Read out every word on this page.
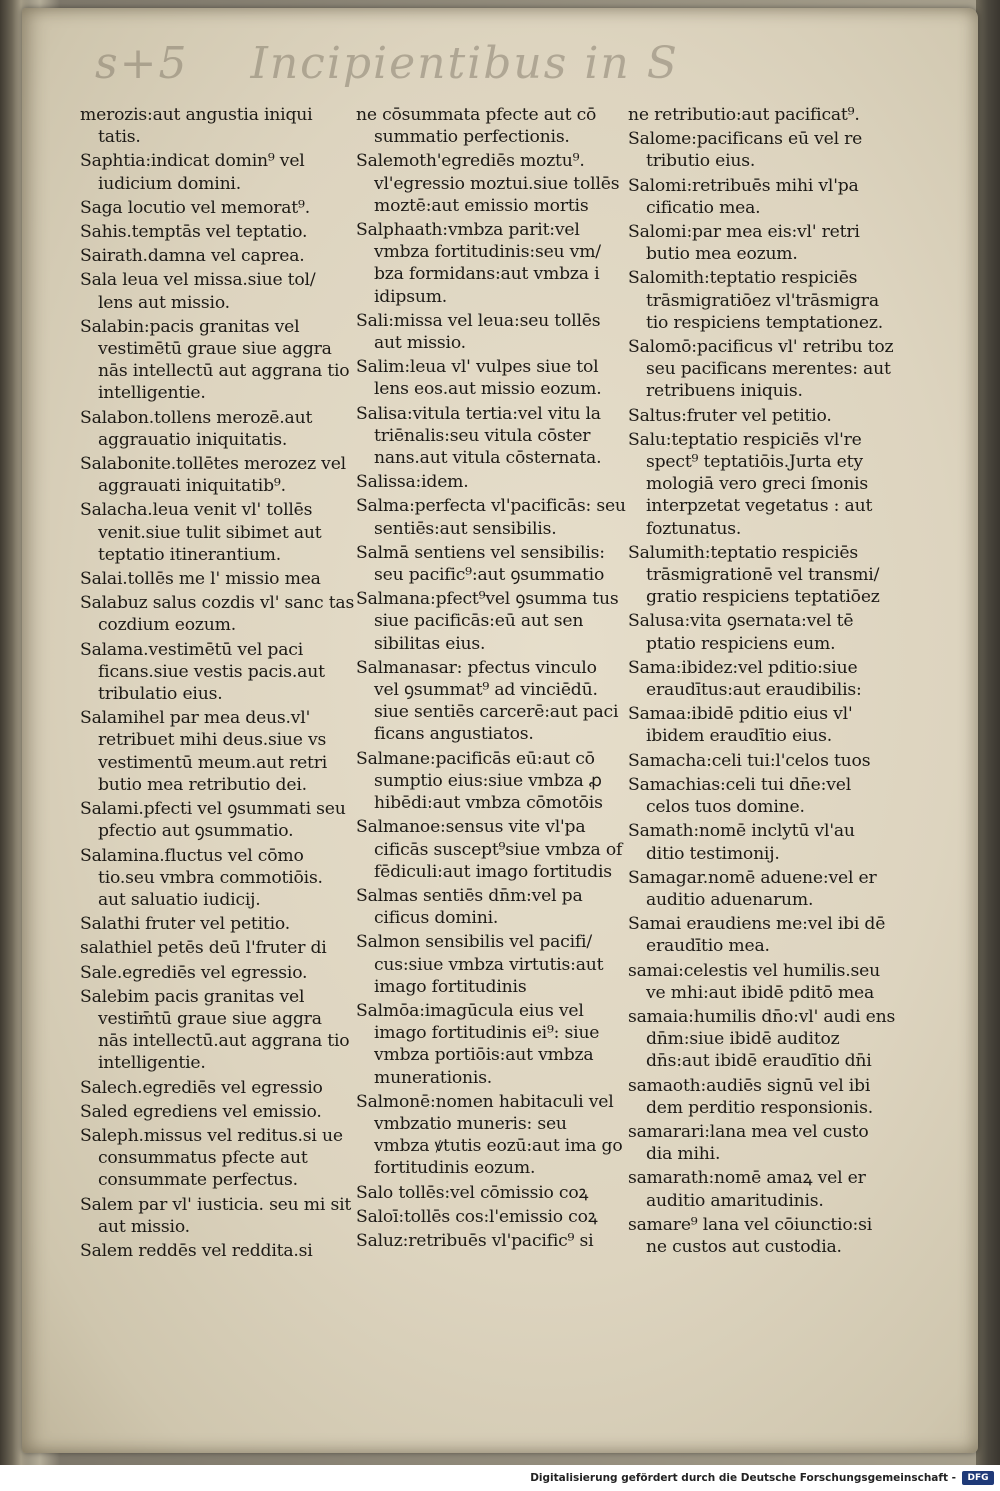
s+5 Incipientibus in S
merozis:aut angustia iniqui tatis.
Saphtia:indicat domin⁹ vel iudicium domini.
Saga locutio vel memorat⁹.
Sahis.temptās vel teptatio.
Sairath.damna vel caprea.
Sala leua vel missa.siue tol/ lens aut missio.
Salabin:pacis granitas vel vestimētū graue siue aggra nās intellectū aut aggrana tio intelligentie.
Salabon.tollens merozē.aut aggrauatio iniquitatis.
Salabonite.tollētes merozez vel aggrauati iniquitatib⁹.
Salacha.leua venit vl' tollēs venit.siue tulit sibimet aut teptatio itinerantium.
Salai.tollēs me l' missio mea
Salabuz salus cozdis vl' sanc tas cozdium eozum.
Salama.vestimētū vel paci ficans.siue vestis pacis.aut tribulatio eius.
Salamihel par mea deus.vl' retribuet mihi deus.siue vs vestimentū meum.aut retri butio mea retributio dei.
Salami.pfecti vel ꝯsummati seu pfectio aut ꝯsummatio.
Salamina.fluctus vel cōmo tio.seu vmbra commotiōis. aut saluatio iudicij.
Salathi fruter vel petitio.
salathiel petēs deū l'fruter di
Sale.egrediēs vel egressio.
Salebim pacis granitas vel vestim̄tū graue siue aggra nās intellectū.aut aggrana tio intelligentie.
Salech.egrediēs vel egressio
Saled egrediens vel emissio.
Saleph.missus vel reditus.si ue consummatus pfecte aut consummate perfectus.
Salem par vl' iusticia. seu mi sit aut missio.
Salem reddēs vel reddita.si
ne cōsummata pfecte aut cō summatio perfectionis.
Salemoth'egrediēs moztu⁹. vl'egressio moztui.siue tollēs moztē:aut emissio mortis
Salphaath:vmbza parit:vel vmbza fortitudinis:seu vm/ bza formidans:aut vmbza i idipsum.
Sali:missa vel leua:seu tollēs aut missio.
Salim:leua vl' vulpes siue tol lens eos.aut missio eozum.
Salisa:vitula tertia:vel vitu la triēnalis:seu vitula cōster nans.aut vitula cōsternata.
Salissa:idem.
Salma:perfecta vl'pacificās: seu sentiēs:aut sensibilis.
Salmā sentiens vel sensibilis: seu pacific⁹:aut ꝯsummatio
Salmana:pfect⁹vel ꝯsumma tus siue pacificās:eū aut sen sibilitas eius.
Salmanasar: pfectus vinculo vel ꝯsummat⁹ ad vinciēdū. siue sentiēs carcerē:aut paci ficans angustiatos.
Salmane:pacificās eū:aut cō sumptio eius:siue vmbza ꝓ hibēdi:aut vmbza cōmotōis
Salmanoe:sensus vite vl'pa cificās suscept⁹siue vmbza of fēdiculi:aut imago fortitudis
Salmas sentiēs dn̄m:vel pa cificus domini.
Salmon sensibilis vel pacifi/ cus:siue vmbza virtutis:aut imago fortitudinis
Salmōa:imagūcula eius vel imago fortitudinis ei⁹: siue vmbza portiōis:aut vmbza munerationis.
Salmonē:nomen habitaculi vel vmbzatio muneris: seu vmbza ꝟtutis eozū:aut ima go fortitudinis eozum.
Salo tollēs:vel cōmissio coꝝ
Saloī:tollēs cos:l'emissio coꝝ
Saluz:retribuēs vl'pacific⁹ si
ne retributio:aut pacificat⁹.
Salome:pacificans eū vel re tributio eius.
Salomi:retribuēs mihi vl'pa cificatio mea.
Salomi:par mea eis:vl' retri butio mea eozum.
Salomith:teptatio respiciēs trāsmigratiōez vl'trāsmigra tio respiciens temptationez.
Salomō:pacificus vl' retribu toz seu pacificans merentes: aut retribuens iniquis.
Saltus:fruter vel petitio.
Salu:teptatio respiciēs vl're spect⁹ teptatiōis.Jurta ety mologiā vero greci ſmonis interpzetat vegetatus : aut foztunatus.
Salumith:teptatio respiciēs trāsmigrationē vel transmi/ gratio respiciens teptatiōez
Salusa:vita ꝯsernata:vel tē ptatio respiciens eum.
Sama:ibidez:vel pditio:siue eraudītus:aut eraudibilis:
Samaa:ibidē pditio eius vl' ibidem eraudītio eius.
Samacha:celi tui:l'celos tuos
Samachias:celi tui dn̄e:vel celos tuos domine.
Samath:nomē inclytū vl'au ditio testimonij.
Samagar.nomē aduene:vel er auditio aduenarum.
Samai eraudiens me:vel ibi dē eraudītio mea.
samai:celestis vel humilis.seu ve mhi:aut ibidē pditō mea
samaia:humilis dn̄o:vl' audi ens dn̄m:siue ibidē auditoz dn̄s:aut ibidē eraudītio dn̄i
samaoth:audiēs signū vel ibi dem perditio responsionis.
samarari:lana mea vel custo dia mihi.
samarath:nomē amaꝝ vel er auditio amaritudinis.
samare⁹ lana vel cōiunctio:si ne custos aut custodia.
Digitalisierung gefördert durch die Deutsche Forschungsgemeinschaft -	DFG
